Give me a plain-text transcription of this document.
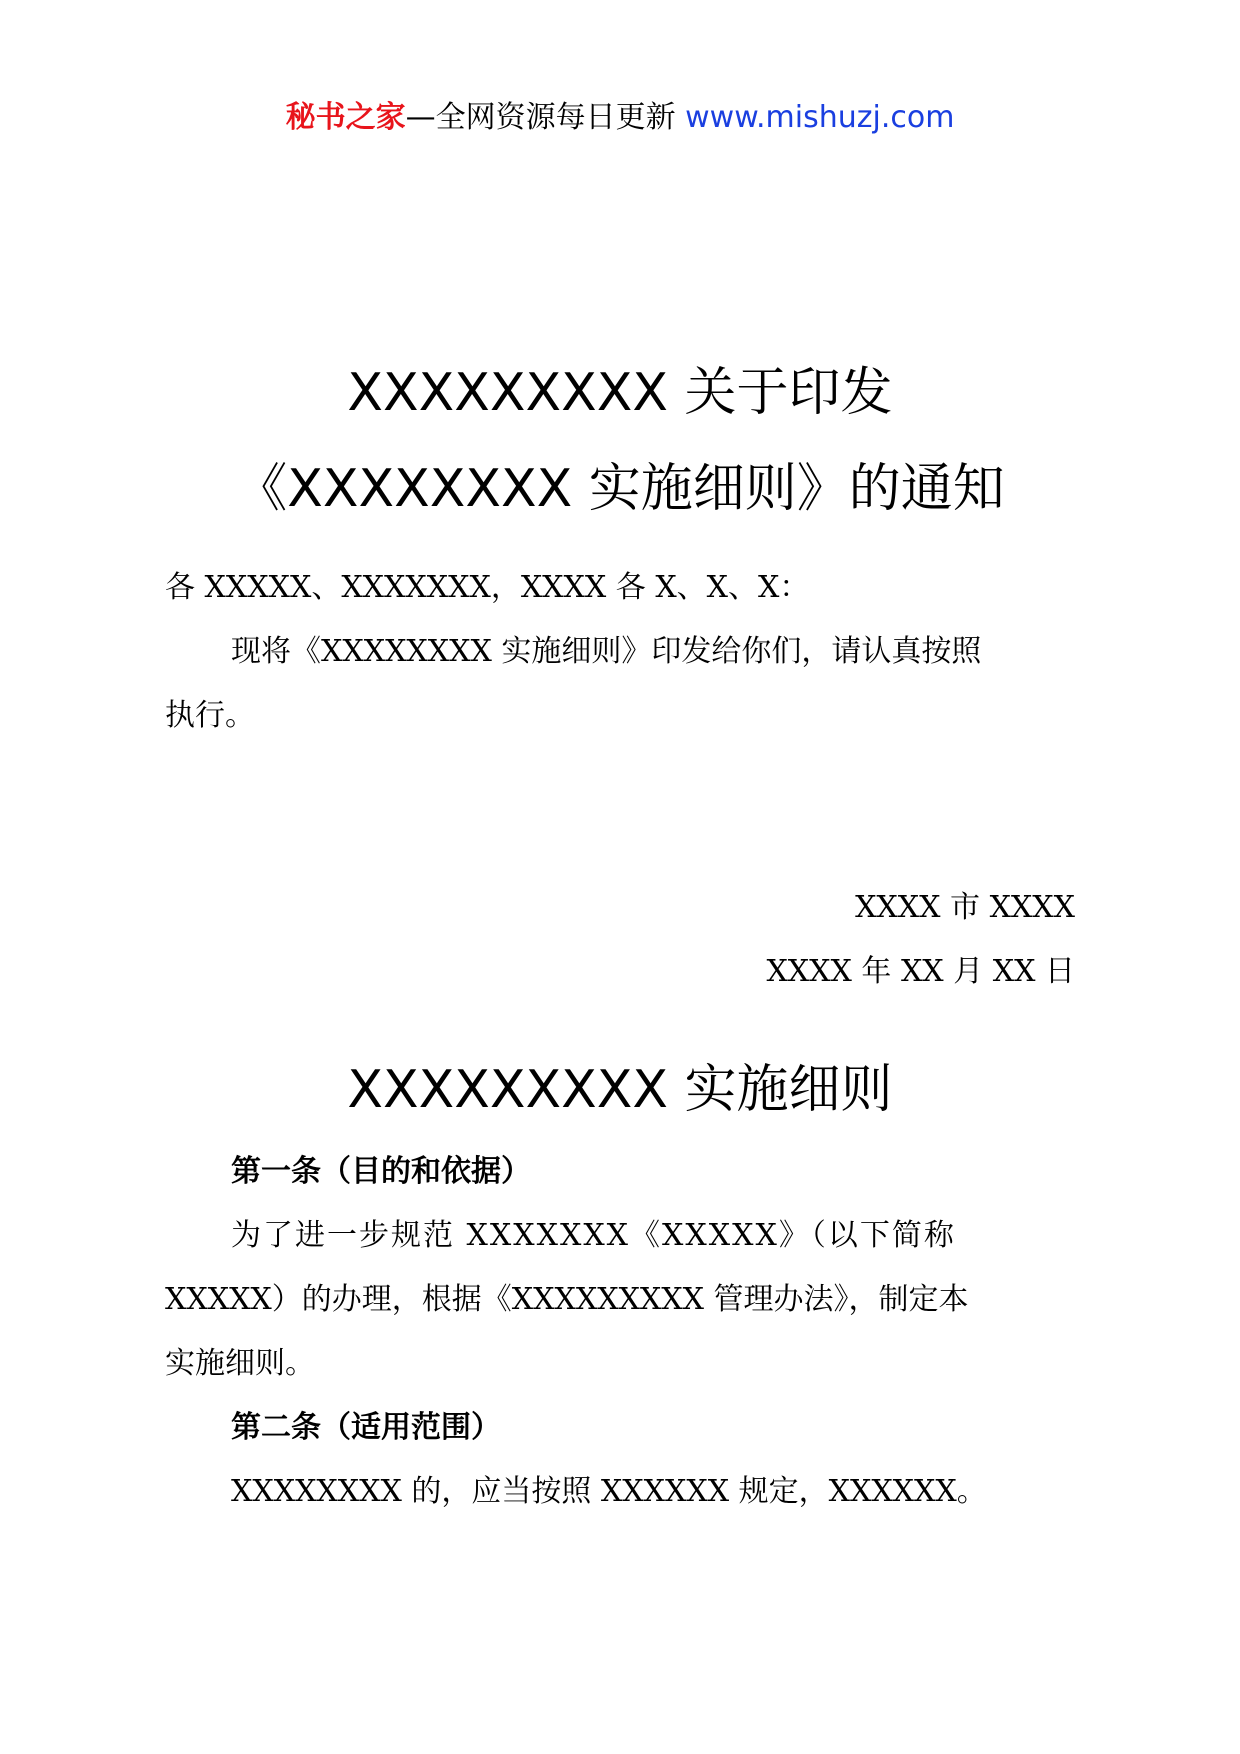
秘书之家—全网资源每日更新 www.mishuzj.com
XXXXXXXXX 关于印发
《XXXXXXXX 实施细则》的通知
各 XXXXX、XXXXXXX，XXXX 各 X、X、X：
现将《XXXXXXXX 实施细则》印发给你们，请认真按照
执行。
XXXX 市 XXXX
XXXX 年 XX 月 XX 日
XXXXXXXXX 实施细则
第一条（目的和依据）
为了进一步规范 XXXXXXX《XXXXX》（以下简称
XXXXX）的办理，根据《XXXXXXXXX 管理办法》，制定本
实施细则。
第二条（适用范围）
XXXXXXXX 的，应当按照 XXXXXX 规定，XXXXXX。
